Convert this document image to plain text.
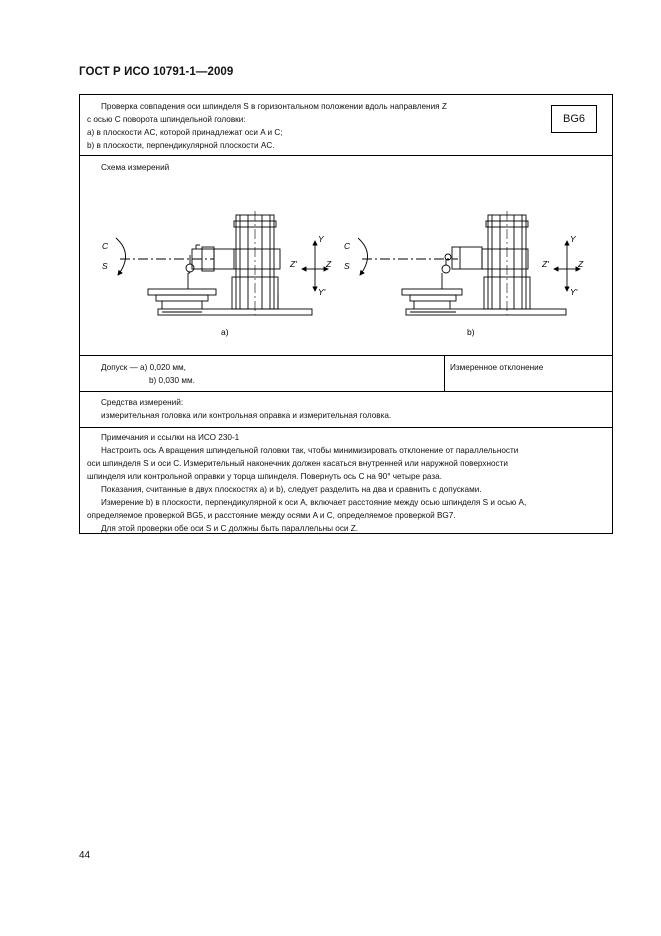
ГОСТ Р ИСО 10791-1—2009
Проверка совпадения оси шпинделя S в горизонтальном положении вдоль направления Z
с осью C поворота шпиндельной головки:
а) в плоскости AC, которой принадлежат оси A и C;
b) в плоскости, перпендикулярной плоскости AC.
BG6
Схема измерений
C
S
Y
Y'
Z
Z'
C
S
Y
Y'
Z
Z'
a)	b)
Допуск — а) 0,020 мм,
b) 0,030 мм.
Измеренное отклонение
Средства измерений:
измерительная головка или контрольная оправка и измерительная головка.
Примечания и ссылки на ИСО 230-1
Настроить ось A вращения шпиндельной головки так, чтобы минимизировать отклонение от параллельности
оси шпинделя S и оси C. Измерительный наконечник должен касаться внутренней или наружной поверхности
шпинделя или контрольной оправки у торца шпинделя. Повернуть ось C на 90° четыре раза.
Показания, считанные в двух плоскостях а) и b), следует разделить на два и сравнить с допусками.
Измерение b) в плоскости, перпендикулярной к оси A, включает расстояние между осью шпинделя S и осью A,
определяемое проверкой BG5, и расстояние между осями A и C, определяемое проверкой BG7.
Для этой проверки обе оси S и C должны быть параллельны оси Z.
44
